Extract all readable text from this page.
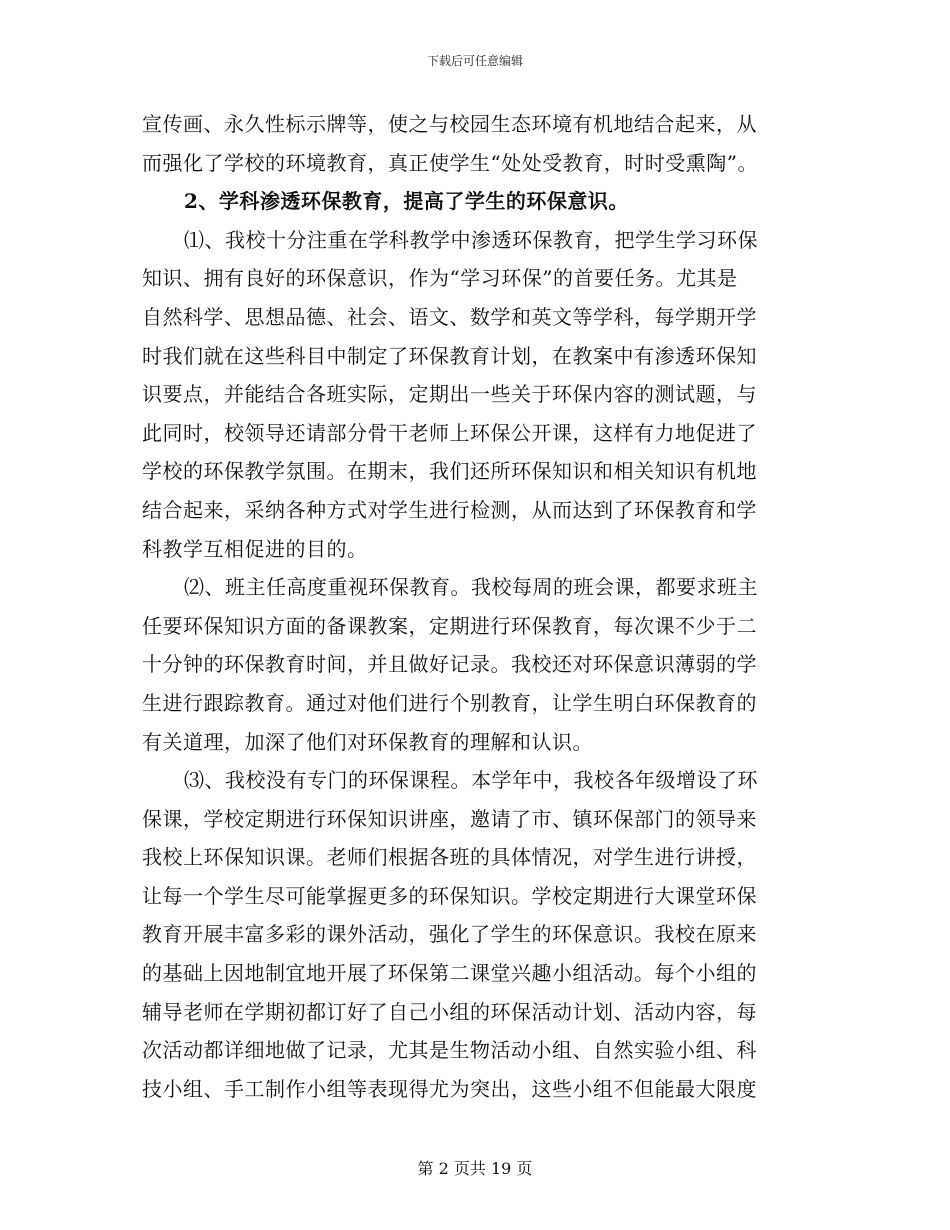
下载后可任意编辑
宣传画、永久性标示牌等，使之与校园生态环境有机地结合起来，从
而强化了学校的环境教育，真正使学生“处处受教育，时时受熏陶”。
2、学科渗透环保教育，提高了学生的环保意识。
⑴、我校十分注重在学科教学中渗透环保教育，把学生学习环保
知识、拥有良好的环保意识，作为“学习环保”的首要任务。尤其是
自然科学、思想品德、社会、语文、数学和英文等学科，每学期开学
时我们就在这些科目中制定了环保教育计划，在教案中有渗透环保知
识要点，并能结合各班实际，定期出一些关于环保内容的测试题，与
此同时，校领导还请部分骨干老师上环保公开课，这样有力地促进了
学校的环保教学氛围。在期末，我们还所环保知识和相关知识有机地
结合起来，采纳各种方式对学生进行检测，从而达到了环保教育和学
科教学互相促进的目的。
⑵、班主任高度重视环保教育。我校每周的班会课，都要求班主
任要环保知识方面的备课教案，定期进行环保教育，每次课不少于二
十分钟的环保教育时间，并且做好记录。我校还对环保意识薄弱的学
生进行跟踪教育。通过对他们进行个别教育，让学生明白环保教育的
有关道理，加深了他们对环保教育的理解和认识。
⑶、我校没有专门的环保课程。本学年中，我校各年级增设了环
保课，学校定期进行环保知识讲座，邀请了市、镇环保部门的领导来
我校上环保知识课。老师们根据各班的具体情况，对学生进行讲授，
让每一个学生尽可能掌握更多的环保知识。学校定期进行大课堂环保
教育开展丰富多彩的课外活动，强化了学生的环保意识。我校在原来
的基础上因地制宜地开展了环保第二课堂兴趣小组活动。每个小组的
辅导老师在学期初都订好了自己小组的环保活动计划、活动内容，每
次活动都详细地做了记录，尤其是生物活动小组、自然实验小组、科
技小组、手工制作小组等表现得尤为突出，这些小组不但能最大限度
第 2 页共 19 页
